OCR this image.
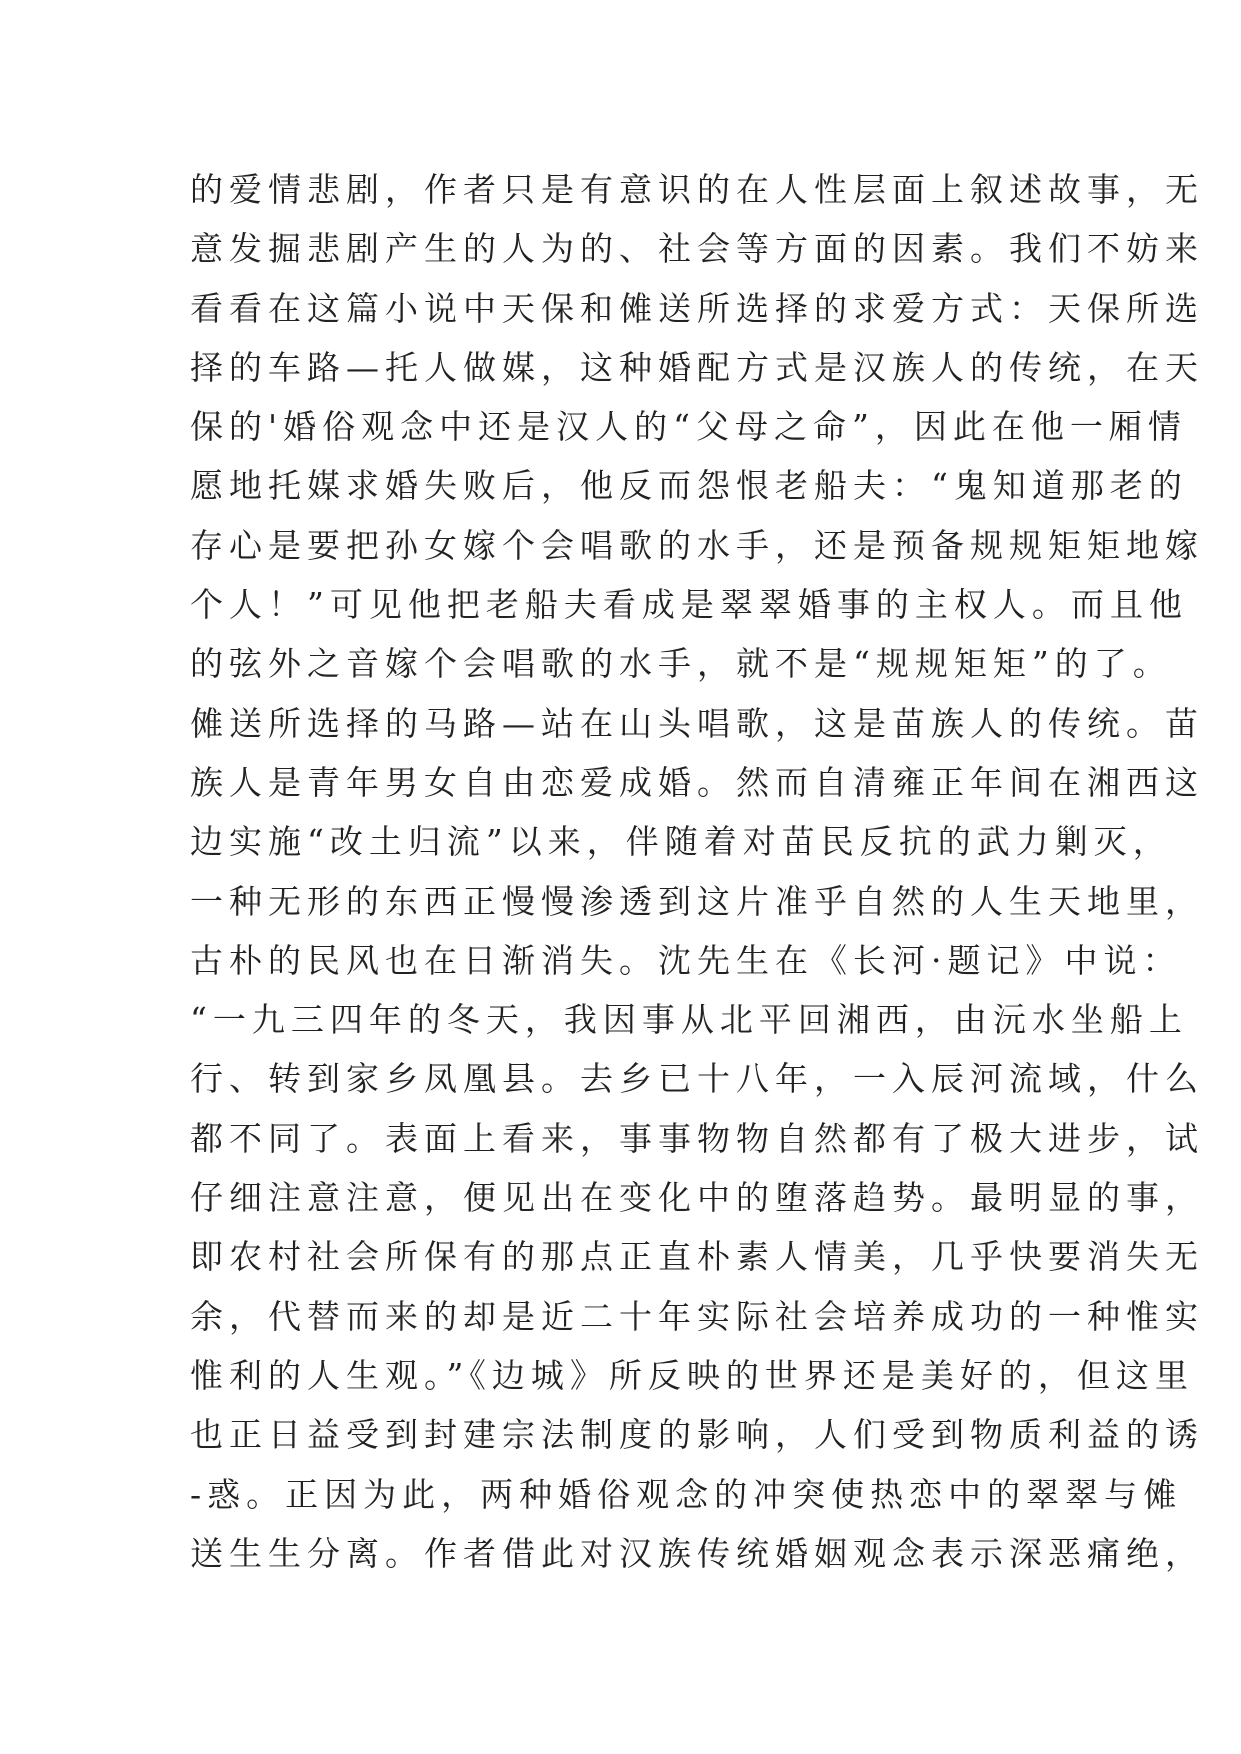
的爱情悲剧，作者只是有意识的在人性层面上叙述故事，无
意发掘悲剧产生的人为的、社会等方面的因素。我们不妨来
看看在这篇小说中天保和傩送所选择的求爱方式：天保所选
择的车路—托人做媒，这种婚配方式是汉族人的传统，在天
保的'婚俗观念中还是汉人的“父母之命”，因此在他一厢情
愿地托媒求婚失败后，他反而怨恨老船夫：“鬼知道那老的
存心是要把孙女嫁个会唱歌的水手，还是预备规规矩矩地嫁
个人！”可见他把老船夫看成是翠翠婚事的主权人。而且他
的弦外之音嫁个会唱歌的水手，就不是“规规矩矩”的了。
傩送所选择的马路—站在山头唱歌，这是苗族人的传统。苗
族人是青年男女自由恋爱成婚。然而自清雍正年间在湘西这
边实施“改土归流”以来，伴随着对苗民反抗的武力剿灭，
一种无形的东西正慢慢渗透到这片准乎自然的人生天地里，
古朴的民风也在日渐消失。沈先生在《长河·题记》中说：
“一九三四年的冬天，我因事从北平回湘西，由沅水坐船上
行、转到家乡凤凰县。去乡已十八年，一入辰河流域，什么
都不同了。表面上看来，事事物物自然都有了极大进步，试
仔细注意注意，便见出在变化中的堕落趋势。最明显的事，
即农村社会所保有的那点正直朴素人情美，几乎快要消失无
余，代替而来的却是近二十年实际社会培养成功的一种惟实
惟利的人生观。”《边城》所反映的世界还是美好的，但这里
也正日益受到封建宗法制度的影响，人们受到物质利益的诱
-惑。正因为此，两种婚俗观念的冲突使热恋中的翠翠与傩
送生生分离。作者借此对汉族传统婚姻观念表示深恶痛绝，
